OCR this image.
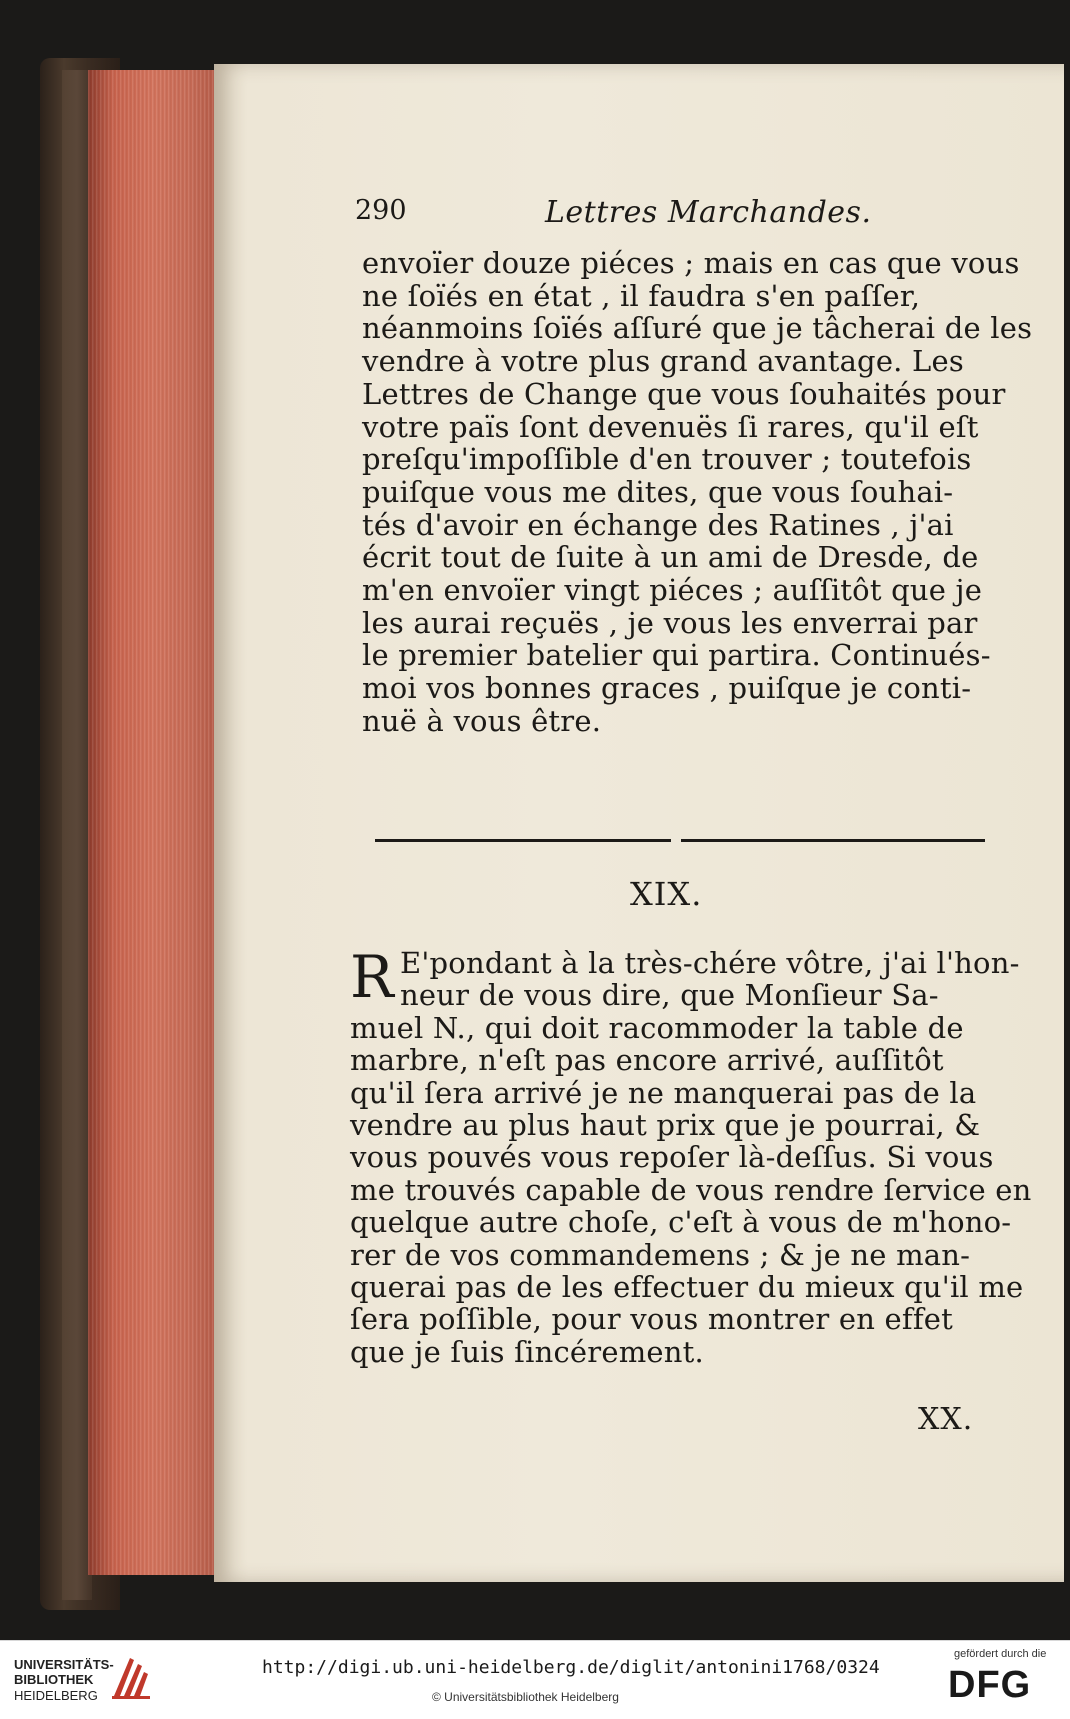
290	Lettres Marchandes.
envoïer douze piéces ; mais en cas que vous
ne ſoïés en état , il faudra s'en paſſer,
néanmoins ſoïés aſſuré que je tâcherai de les
vendre à votre plus grand avantage. Les
Lettres de Change que vous ſouhaités pour
votre païs ſont devenuës ſi rares, qu'il eſt
preſqu'impoſſible d'en trouver ; toutefois
puiſque vous me dites, que vous ſouhai-
tés d'avoir en échange des Ratines , j'ai
écrit tout de ſuite à un ami de Dresde, de
m'en envoïer vingt piéces ; auſſitôt que je
les aurai reçuës , je vous les enverrai par
le premier batelier qui partira. Continués-
moi vos bonnes graces , puiſque je conti-
nuë à vous être.
XIX.
R E'pondant à la très-chére vôtre, j'ai l'hon-
neur de vous dire, que Monſieur Sa-
muel N., qui doit racommoder la table de
marbre, n'eſt pas encore arrivé, auſſitôt
qu'il ſera arrivé je ne manquerai pas de la
vendre au plus haut prix que je pourrai, &
vous pouvés vous repoſer là-deſſus. Si vous
me trouvés capable de vous rendre ſervice en
quelque autre choſe, c'eſt à vous de m'hono-
rer de vos commandemens ; & je ne man-
querai pas de les effectuer du mieux qu'il me
ſera poſſible, pour vous montrer en effet
que je ſuis ſincérement.
XX.
UNIVERSITÄTS-
BIBLIOTHEK
HEIDELBERG
http://digi.ub.uni-heidelberg.de/diglit/antonini1768/0324
© Universitätsbibliothek Heidelberg
gefördert durch die
DFG
